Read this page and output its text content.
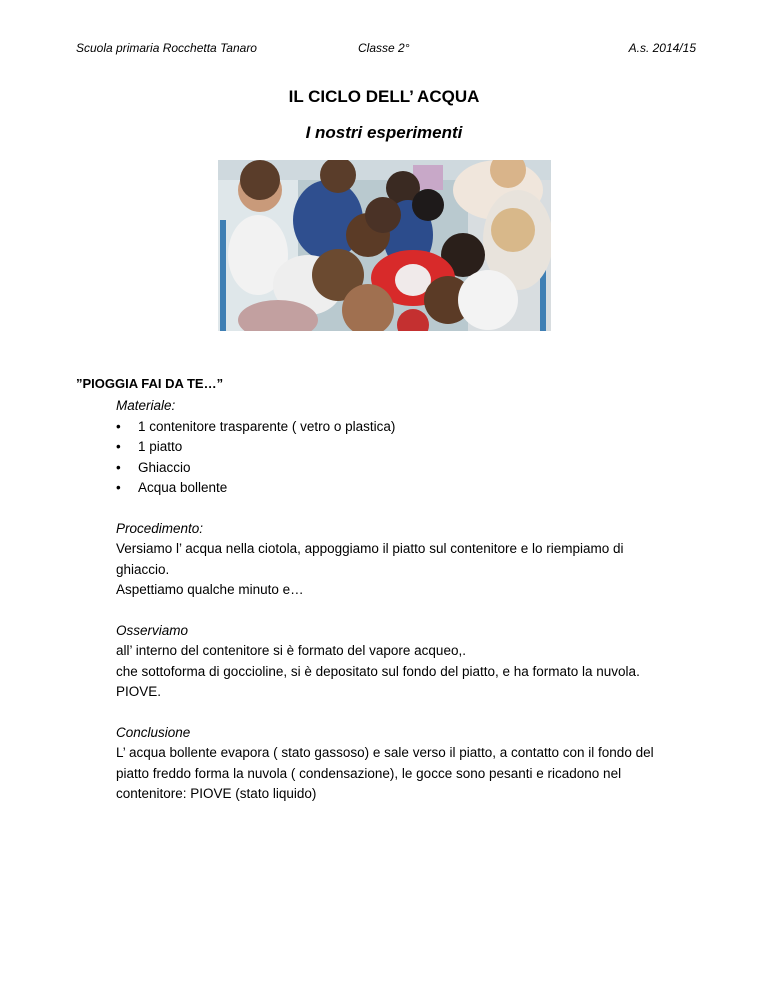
Scuola primaria Rocchetta Tanaro	Classe 2°	A.s. 2014/15
IL CICLO DELL’ ACQUA
I nostri esperimenti
”PIOGGIA FAI DA TE…”

Materiale:

•	1 contenitore trasparente ( vetro o plastica)
•	1 piatto
•	Ghiaccio
•	Acqua bollente

Procedimento:

Versiamo l’ acqua nella ciotola, appoggiamo il piatto sul contenitore e lo riempiamo di

ghiaccio.

Aspettiamo qualche minuto e…

Osserviamo

all’ interno del contenitore si è formato del vapore acqueo,.

che sottoforma di goccioline, si è depositato sul fondo del piatto, e ha formato la nuvola.

PIOVE.

Conclusione

L’ acqua bollente evapora ( stato gassoso) e sale verso il piatto, a contatto con il fondo del

piatto freddo forma la nuvola ( condensazione), le gocce sono pesanti e ricadono nel

contenitore: PIOVE (stato liquido)
